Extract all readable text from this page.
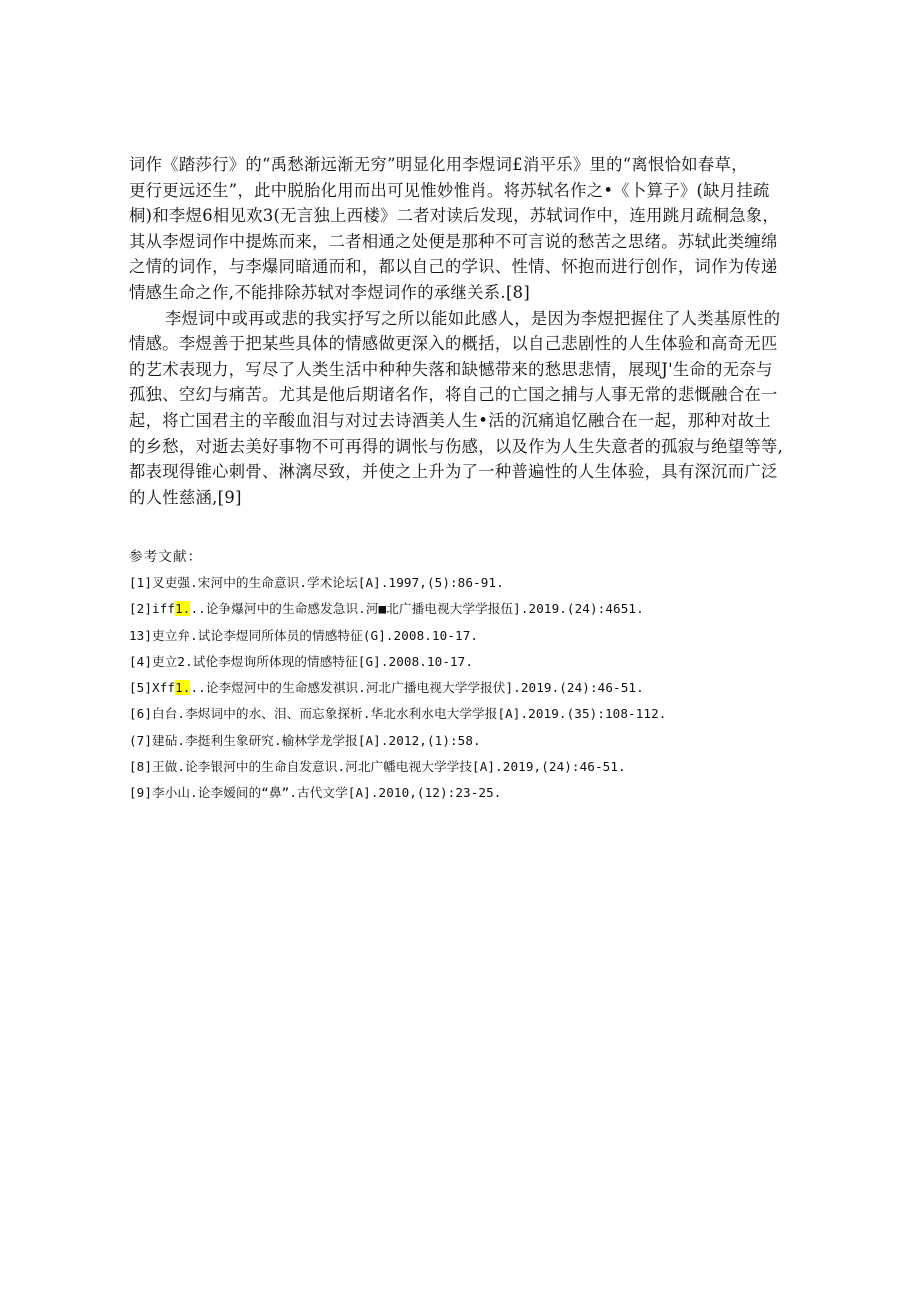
词作《踏莎行》的“禹愁渐远渐无穷”明显化用李煜词£消平乐》里的“离恨恰如春草，
更行更远还生”，此中脱胎化用而出可见惟妙惟肖。将苏轼名作之•《卜算子》(缺月挂疏
桐)和李煜6相见欢3(无言独上西楼》二者对读后发现，苏轼词作中，连用跳月疏桐急象，
其从李煜词作中提炼而来，二者相通之处便是那种不可言说的愁苦之思绪。苏轼此类缠绵
之情的词作，与李爆同暗通而和，都以自己的学识、性情、怀抱而进行创作，词作为传递
情感生命之作,不能排除苏轼对李煜词作的承继关系.[8]
李煜词中或再或悲的我实抒写之所以能如此感人，是因为李煜把握住了人类基原性的
情感。李煜善于把某些具体的情感做更深入的概括，以自己悲剧性的人生体验和高奇无匹
的艺术表现力，写尽了人类生活中种种失落和缺憾带来的愁思悲情，展现J'生命的无奈与
孤独、空幻与痛苦。尤其是他后期诸名作，将自己的亡国之捕与人事无常的悲慨融合在一
起，将亡国君主的辛酸血泪与对过去诗酒美人生•活的沉痛追忆融合在一起，那种对故土
的乡愁，对逝去美好事物不可再得的调怅与伤感，以及作为人生失意者的孤寂与绝望等等,
都表现得锥心刺骨、淋漓尽致，并使之上升为了一种普遍性的人生体验，具有深沉而广泛
的人性慈涵,[9]
参考文献：
[1]叉吏强.宋河中的生命意识.学术论坛[A].1997,(5):86-91.
[2]iff1...论争爆河中的生命感发急识.河■北广播电视大学学报伍].2019.(24):4651.
13]吏立弁.试论李煜同所体员的情感特征(G].2008.10-17.
[4]吏立2.试伦李煜询所体现的情感特征[G].2008.10-17.
[5]Xff1...论李煜河中的生命感发祺识.河北广播电视大学学报伏].2019.(24):46-51.
[6]白台.李烬词中的水、泪、而忘象探析.华北水利水电大学学报[A].2019.(35):108-112.
(7]建砧.李挺利生象研究.榆林学龙学报[A].2012,(1):58.
[8]王做.论李银河中的生命自发意识.河北广幡电视大学学技[A].2019,(24):46-51.
[9]李小山.论李嫒间的“鼻”.古代文学[A].2010,(12):23-25.
